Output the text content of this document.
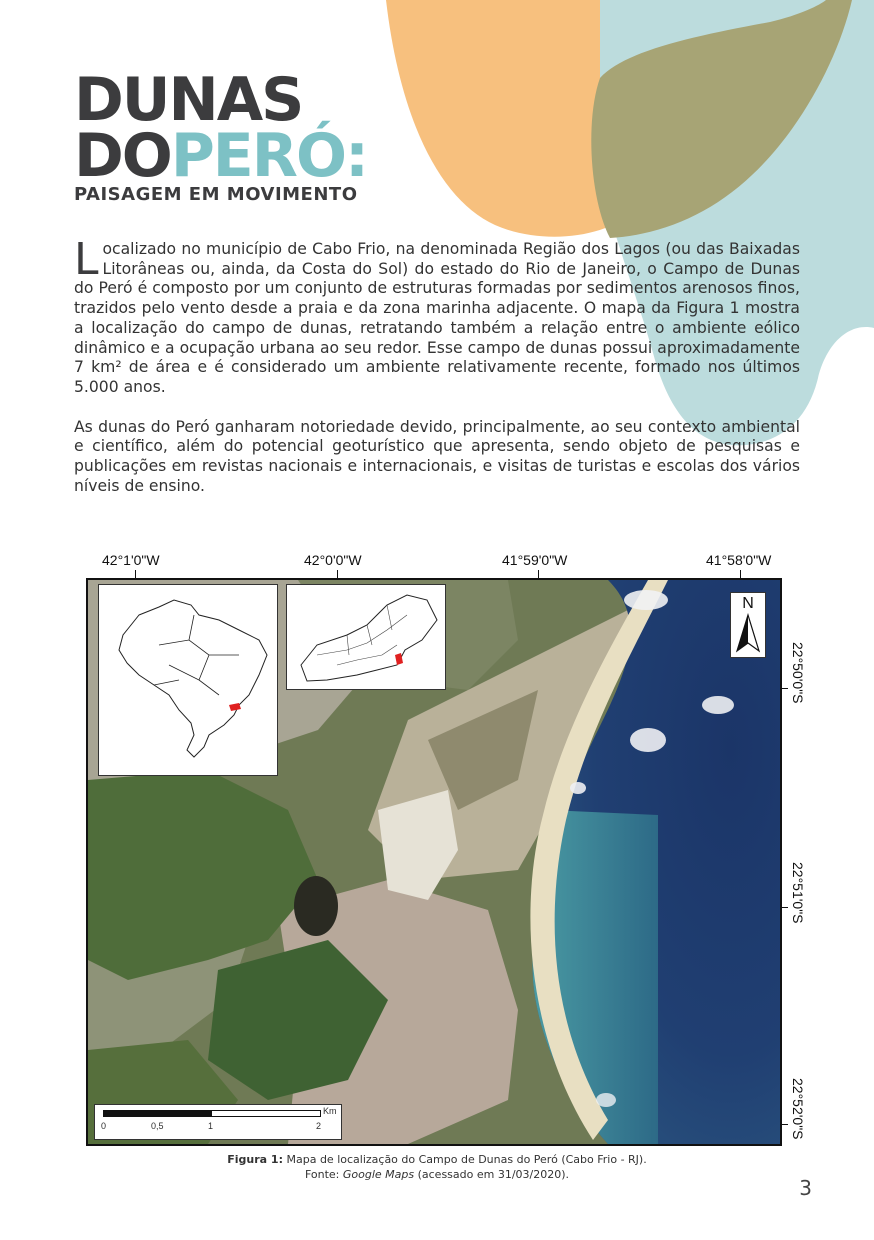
DUNAS
DOPERÓ:
PAISAGEM EM MOVIMENTO

Localizado no município de Cabo Frio, na denominada Região dos Lagos (ou das Baixadas Litorâneas ou, ainda, da Costa do Sol) do estado do Rio de Janeiro, o Campo de Dunas do Peró é composto por um conjunto de estruturas formadas por sedimentos arenosos finos, trazidos pelo vento desde a praia e da zona marinha adjacente. O mapa da Figura 1 mostra a localização do campo de dunas, retratando também a relação entre o ambiente eólico dinâmico e a ocupação urbana ao seu redor. Esse campo de dunas possui aproximadamente 7 km² de área e é considerado um ambiente relativamente recente, formado nos últimos 5.000 anos.

As dunas do Peró ganharam notoriedade devido, principalmente, ao seu contexto ambiental e científico, além do potencial geoturístico que apresenta, sendo objeto de pesquisas e publicações em revistas nacionais e internacionais, e visitas de turistas e escolas dos vários níveis de ensino.

42°1'0"W	42°0'0"W	41°59'0"W	41°58'0"W
22°50'0"S
22°51'0"S
22°52'0"S
N
Km
0	0,5	1	2
Figura 1: Mapa de localização do Campo de Dunas do Peró (Cabo Frio - RJ).
Fonte: Google Maps (acessado em 31/03/2020).
3
